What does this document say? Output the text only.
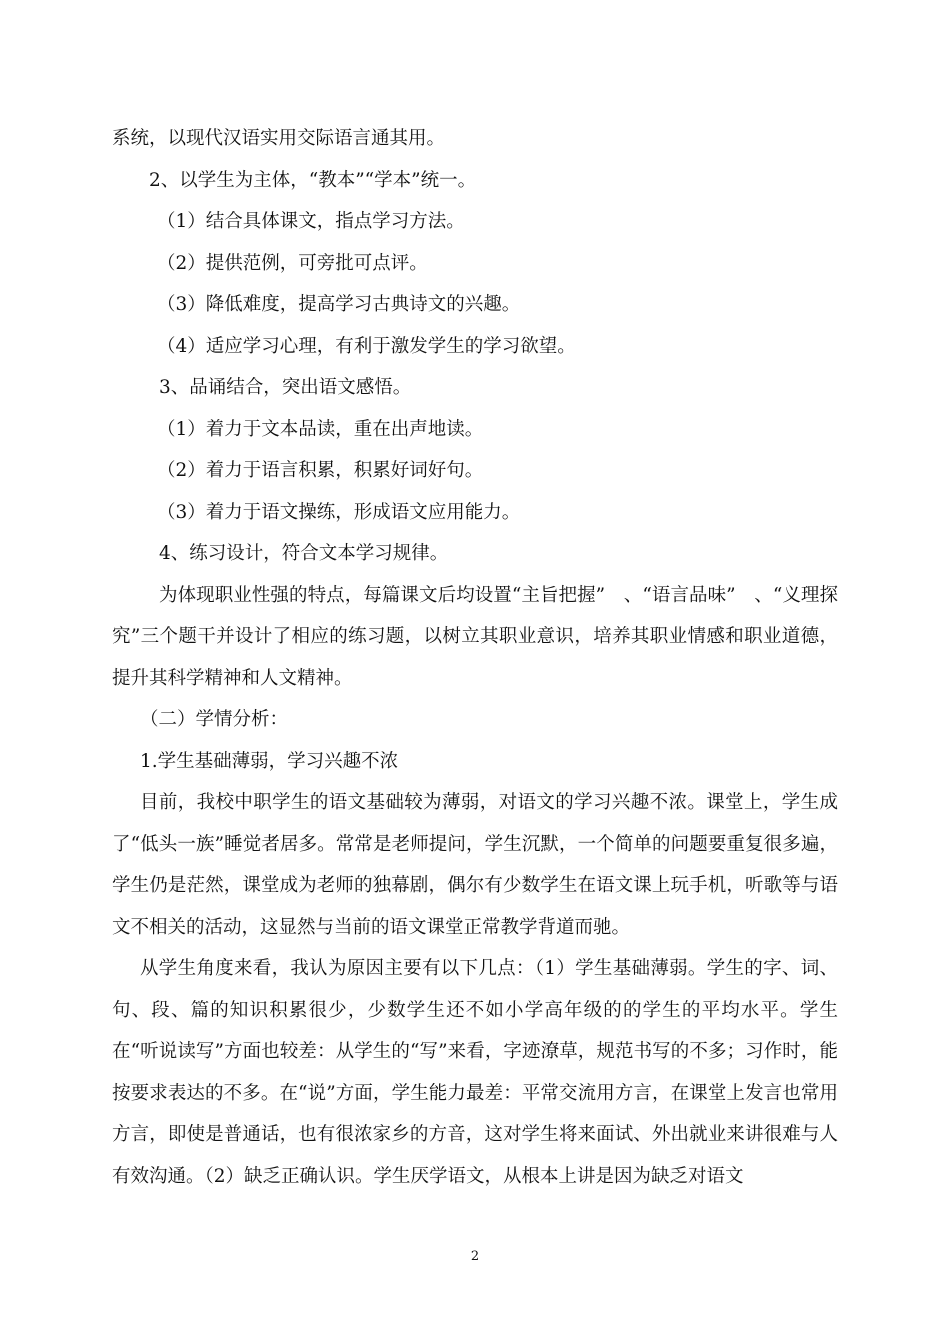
系统，以现代汉语实用交际语言通其用。
2、以学生为主体，“教本”“学本”统一。
（1）结合具体课文，指点学习方法。
（2）提供范例，可旁批可点评。
（3）降低难度，提高学习古典诗文的兴趣。
（4）适应学习心理，有利于激发学生的学习欲望。
3、品诵结合，突出语文感悟。
（1）着力于文本品读，重在出声地读。
（2）着力于语言积累，积累好词好句。
（3）着力于语文操练，形成语文应用能力。
4、练习设计，符合文本学习规律。
为体现职业性强的特点，每篇课文后均设置“主旨把握”　、“语言品味”　、“义理探究”三个题干并设计了相应的练习题，以树立其职业意识，培养其职业情感和职业道德，提升其科学精神和人文精神。
（二）学情分析：
1.学生基础薄弱，学习兴趣不浓
目前，我校中职学生的语文基础较为薄弱，对语文的学习兴趣不浓。课堂上，学生成了“低头一族”睡觉者居多。常常是老师提问，学生沉默，一个简单的问题要重复很多遍，学生仍是茫然，课堂成为老师的独幕剧，偶尔有少数学生在语文课上玩手机，听歌等与语文不相关的活动，这显然与当前的语文课堂正常教学背道而驰。
从学生角度来看，我认为原因主要有以下几点：（1）学生基础薄弱。学生的字、词、句、段、篇的知识积累很少，少数学生还不如小学高年级的的学生的平均水平。学生在“听说读写”方面也较差：从学生的“写”来看，字迹潦草，规范书写的不多；习作时，能按要求表达的不多。在“说”方面，学生能力最差：平常交流用方言，在课堂上发言也常用方言，即使是普通话，也有很浓家乡的方音，这对学生将来面试、外出就业来讲很难与人有效沟通。（2）缺乏正确认识。学生厌学语文，从根本上讲是因为缺乏对语文
2
